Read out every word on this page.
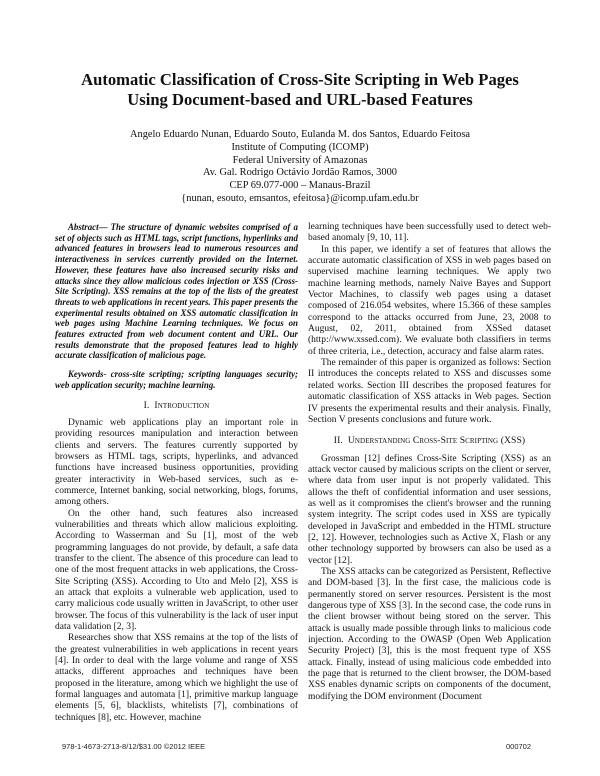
Automatic Classification of Cross-Site Scripting in Web Pages Using Document-based and URL-based Features
Angelo Eduardo Nunan, Eduardo Souto, Eulanda M. dos Santos, Eduardo Feitosa
Institute of Computing (ICOMP)
Federal University of Amazonas
Av. Gal. Rodrigo Octávio Jordão Ramos, 3000
CEP 69.077-000 – Manaus-Brazil
{nunan, esouto, emsantos, efeitosa}@icomp.ufam.edu.br

Abstract— The structure of dynamic websites comprised of a set of objects such as HTML tags, script functions, hyperlinks and advanced features in browsers lead to numerous resources and interactiveness in services currently provided on the Internet. However, these features have also increased security risks and attacks since they allow malicious codes injection or XSS (Cross-Site Scripting). XSS remains at the top of the lists of the greatest threats to web applications in recent years. This paper presents the experimental results obtained on XSS automatic classification in web pages using Machine Learning techniques. We focus on features extracted from web document content and URL. Our results demonstrate that the proposed features lead to highly accurate classification of malicious page.

Keywords- cross-site scripting; scripting languages security; web application security; machine learning.

I. Introduction

Dynamic web applications play an important role in providing resources manipulation and interaction between clients and servers. The features currently supported by browsers as HTML tags, scripts, hyperlinks, and advanced functions have increased business opportunities, providing greater interactivity in Web-based services, such as e-commerce, Internet banking, social networking, blogs, forums, among others.

On the other hand, such features also increased vulnerabilities and threats which allow malicious exploiting. According to Wasserman and Su [1], most of the web programming languages do not provide, by default, a safe data transfer to the client. The absence of this procedure can lead to one of the most frequent attacks in web applications, the Cross-Site Scripting (XSS). According to Uto and Melo [2], XSS is an attack that exploits a vulnerable web application, used to carry malicious code usually written in JavaScript, to other user browser. The focus of this vulnerability is the lack of user input data validation [2, 3].

Researches show that XSS remains at the top of the lists of the greatest vulnerabilities in web applications in recent years [4]. In order to deal with the large volume and range of XSS attacks, different approaches and techniques have been proposed in the literature, among which we highlight the use of formal languages and automata [1], primitive markup language elements [5, 6], blacklists, whitelists [7], combinations of techniques [8], etc. However, machine

learning techniques have been successfully used to detect web-based anomaly [9, 10, 11].

In this paper, we identify a set of features that allows the accurate automatic classification of XSS in web pages based on supervised machine learning techniques. We apply two machine learning methods, namely Naive Bayes and Support Vector Machines, to classify web pages using a dataset composed of 216.054 websites, where 15.366 of these samples correspond to the attacks occurred from June, 23, 2008 to August, 02, 2011, obtained from XSSed dataset (http://www.xssed.com). We evaluate both classifiers in terms of three criteria, i.e., detection, accuracy and false alarm rates.

The remainder of this paper is organized as follows: Section II introduces the concepts related to XSS and discusses some related works. Section III describes the proposed features for automatic classification of XSS attacks in Web pages. Section IV presents the experimental results and their analysis. Finally, Section V presents conclusions and future work.

II. Understanding Cross-Site Scripting (XSS)

Grossman [12] defines Cross-Site Scripting (XSS) as an attack vector caused by malicious scripts on the client or server, where data from user input is not properly validated. This allows the theft of confidential information and user sessions, as well as it compromises the client's browser and the running system integrity. The script codes used in XSS are typically developed in JavaScript and embedded in the HTML structure [2, 12]. However, technologies such as Active X, Flash or any other technology supported by browsers can also be used as a vector [12].

The XSS attacks can be categorized as Persistent, Reflective and DOM-based [3]. In the first case, the malicious code is permanently stored on server resources. Persistent is the most dangerous type of XSS [3]. In the second case, the code runs in the client browser without being stored on the server. This attack is usually made possible through links to malicious code injection. According to the OWASP (Open Web Application Security Project) [3], this is the most frequent type of XSS attack. Finally, instead of using malicious code embedded into the page that is returned to the client browser, the DOM-based XSS enables dynamic scripts on components of the document, modifying the DOM environment (Document

978-1-4673-2713-8/12/$31.00 ©2012 IEEE	000702
